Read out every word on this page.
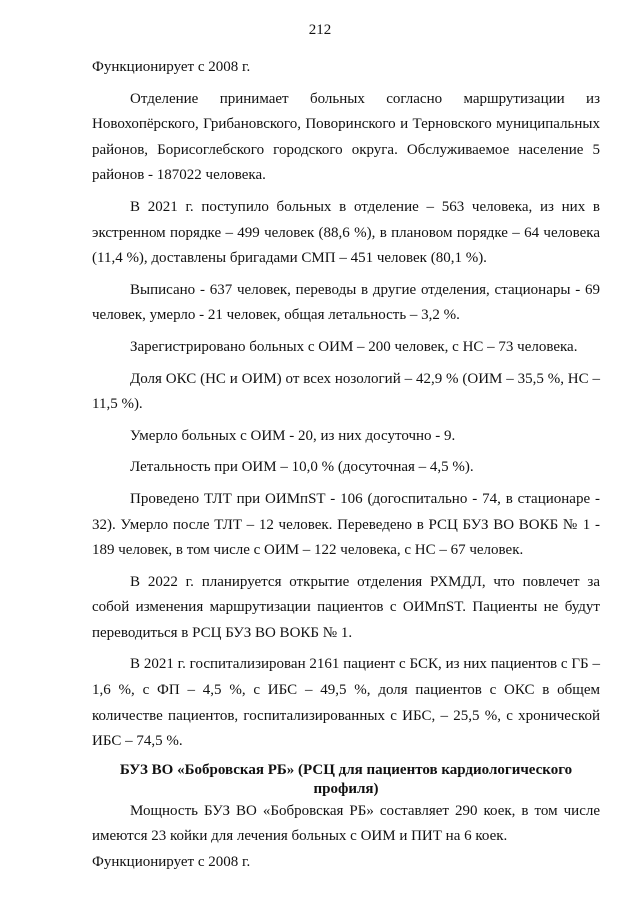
212

Функционирует с 2008 г.

Отделение принимает больных согласно маршрутизации из Новохопёрского, Грибановского, Поворинского и Терновского муниципальных районов, Борисоглебского городского округа. Обслуживаемое население 5 районов - 187022 человека.

В 2021 г. поступило больных в отделение – 563 человека, из них в экстренном порядке – 499 человек (88,6 %), в плановом порядке – 64 человека (11,4 %), доставлены бригадами СМП – 451 человек (80,1 %).

Выписано - 637 человек, переводы в другие отделения, стационары - 69 человек, умерло - 21 человек, общая летальность – 3,2 %.

Зарегистрировано больных с ОИМ – 200 человек, с НС – 73 человека.

Доля ОКС (НС и ОИМ) от всех нозологий – 42,9 % (ОИМ – 35,5 %, НС – 11,5 %).

Умерло больных с ОИМ - 20, из них досуточно - 9.

Летальность при ОИМ – 10,0 % (досуточная – 4,5 %).

Проведено ТЛТ при ОИМпST - 106 (догоспитально - 74, в стационаре - 32). Умерло после ТЛТ – 12 человек. Переведено в РСЦ БУЗ ВО ВОКБ № 1 - 189 человек, в том числе с ОИМ – 122 человека, с НС – 67 человек.

В 2022 г. планируется открытие отделения РХМДЛ, что повлечет за собой изменения маршрутизации пациентов с ОИМпST. Пациенты не будут переводиться в РСЦ БУЗ ВО ВОКБ № 1.

В 2021 г. госпитализирован 2161 пациент с БСК, из них пациентов с ГБ – 1,6 %, с ФП – 4,5 %, с ИБС – 49,5 %, доля пациентов с ОКС в общем количестве пациентов, госпитализированных с ИБС, – 25,5 %, с хронической ИБС – 74,5 %.

БУЗ ВО «Бобровская РБ» (РСЦ для пациентов кардиологического профиля)

Мощность БУЗ ВО «Бобровская РБ» составляет 290 коек, в том числе имеются 23 койки для лечения больных с ОИМ и ПИТ на 6 коек.

Функционирует с 2008 г.
